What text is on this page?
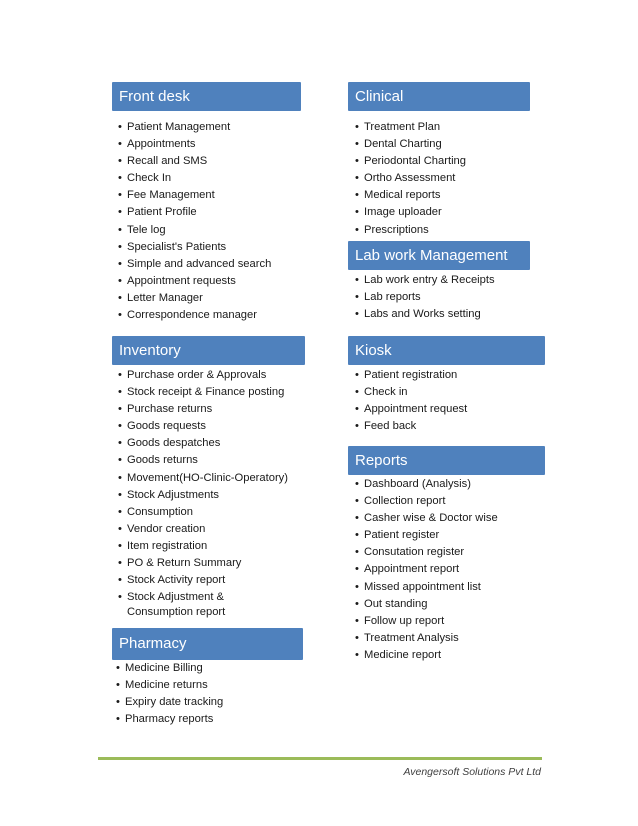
Front desk
• Patient Management
• Appointments
• Recall and SMS
• Check In
• Fee Management
• Patient Profile
• Tele log
• Specialist's Patients
• Simple and advanced search
• Appointment requests
• Letter Manager
• Correspondence manager
Clinical
• Treatment Plan
• Dental Charting
• Periodontal Charting
• Ortho Assessment
• Medical reports
• Image uploader
• Prescriptions
Lab work Management
• Lab work entry & Receipts
• Lab reports
• Labs and Works setting
Inventory
• Purchase order & Approvals
• Stock receipt & Finance posting
• Purchase returns
• Goods requests
• Goods despatches
• Goods returns
• Movement(HO-Clinic-Operatory)
• Stock Adjustments
• Consumption
• Vendor creation
• Item registration
• PO & Return Summary
• Stock Activity report
• Stock Adjustment &
Consumption report
Kiosk
• Patient registration
• Check in
• Appointment request
• Feed back
Reports
• Dashboard (Analysis)
• Collection report
• Casher wise & Doctor wise
• Patient register
• Consutation register
• Appointment report
• Missed appointment list
• Out standing
• Follow up report
• Treatment Analysis
• Medicine report
Pharmacy
• Medicine Billing
• Medicine returns
• Expiry date tracking
• Pharmacy reports
Avengersoft Solutions Pvt Ltd
